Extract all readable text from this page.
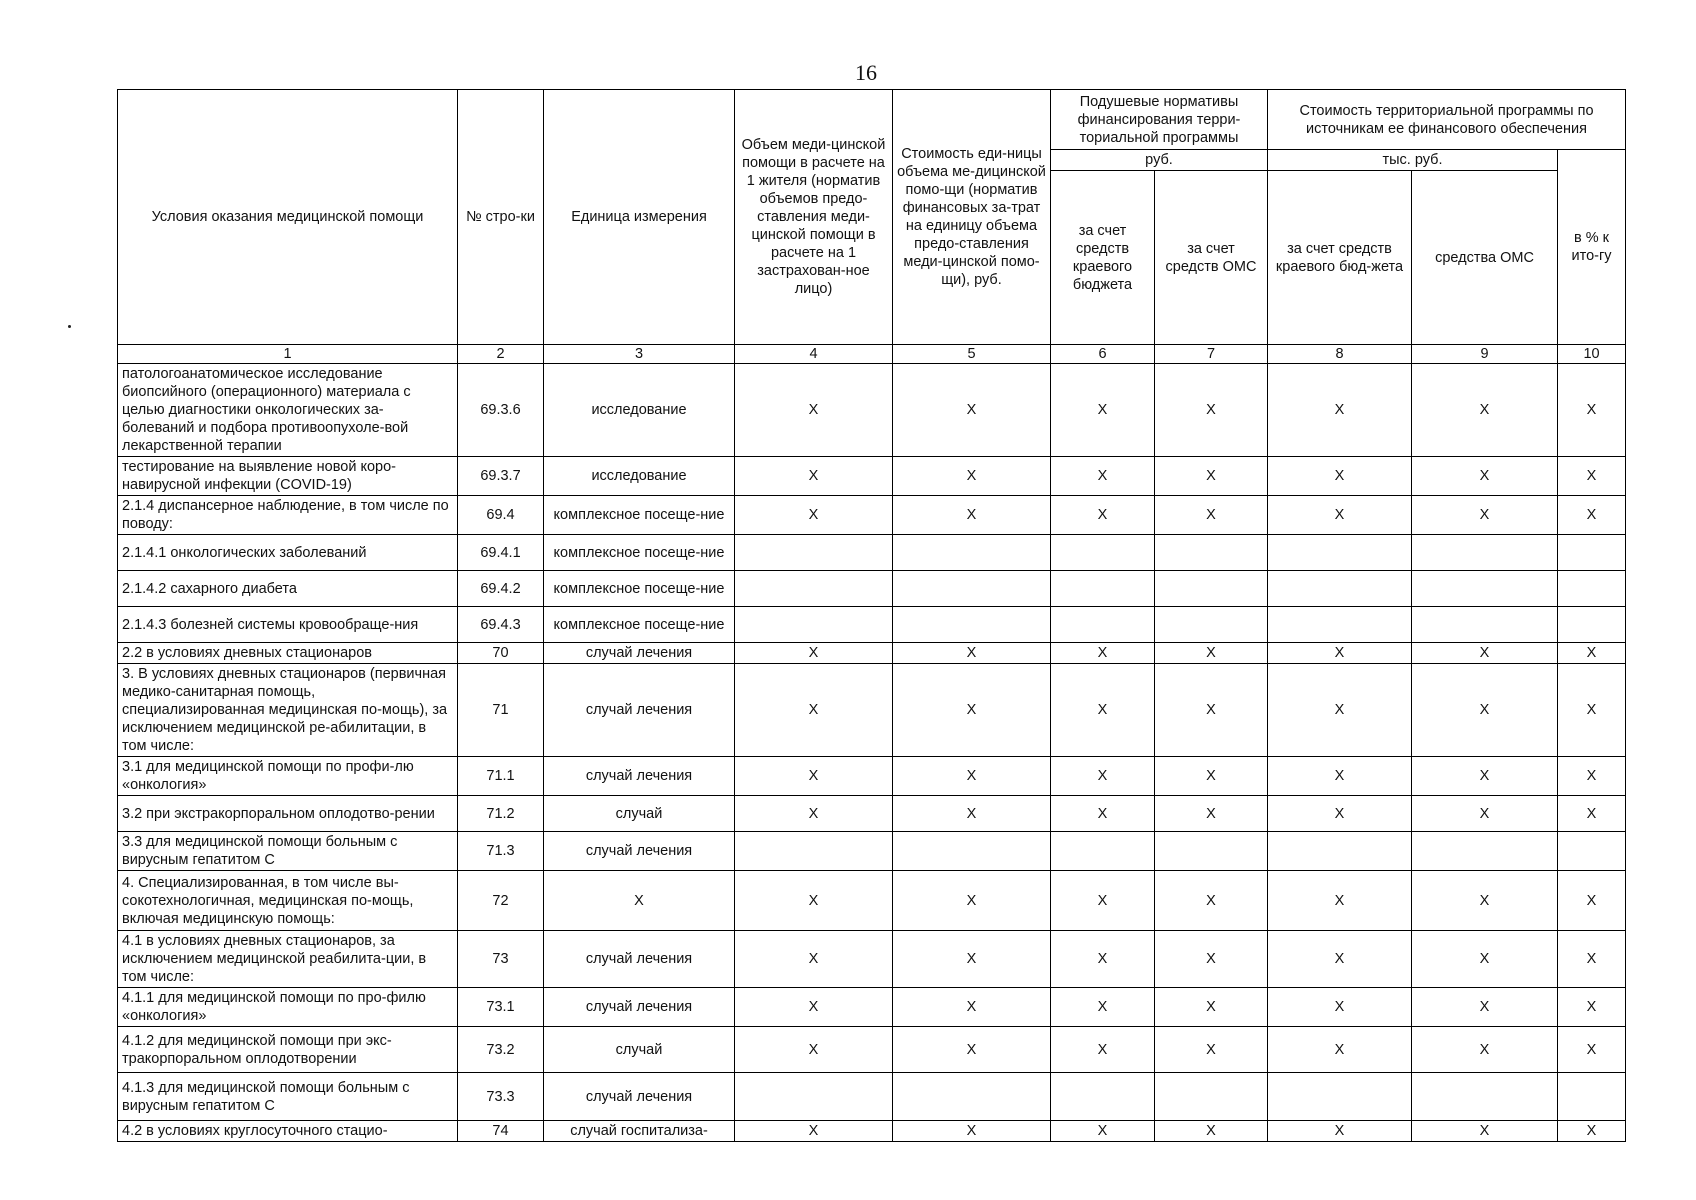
16
Условия оказания медицинской помощи	№ стро-ки	Единица измерения	Объем меди-цинской помощи в расчете на 1 жителя (норматив объемов предо-ставления меди-цинской помощи в расчете на 1 застрахован-ное лицо)	Стоимость еди-ницы объема ме-дицинской помо-щи (норматив финансовых за-трат на единицу объема предо-ставления меди-цинской помо-щи), руб.	Подушевые нормативы финансирования терри-ториальной программы		Стоимость территориальной программы по источникам ее финансового обеспечения		
					руб.		тыс. руб.		в % к ито-гу
					за счет средств краевого бюджета	за счет средств ОМС	за счет средств краевого бюд-жета	средства ОМС	
1	2	3	4	5	6	7	8	9	10
патологоанатомическое исследование биопсийного (операционного) материала с целью диагностики онкологических за-болеваний и подбора противоопухоле-вой лекарственной терапии	69.3.6	исследование	Х	Х	Х	Х	Х	Х	Х
тестирование на выявление новой коро-навирусной инфекции (COVID-19)	69.3.7	исследование	Х	Х	Х	Х	Х	Х	Х
2.1.4 диспансерное наблюдение, в том числе по поводу:	69.4	комплексное посеще-ние	Х	Х	Х	Х	Х	Х	Х
2.1.4.1 онкологических заболеваний	69.4.1	комплексное посеще-ние							
2.1.4.2 сахарного диабета	69.4.2	комплексное посеще-ние							
2.1.4.3 болезней системы кровообраще-ния	69.4.3	комплексное посеще-ние							
2.2 в условиях дневных стационаров	70	случай лечения	Х	Х	Х	Х	Х	Х	Х
3. В условиях дневных стационаров (первичная медико-санитарная помощь, специализированная медицинская по-мощь), за исключением медицинской ре-абилитации, в том числе:	71	случай лечения	Х	Х	Х	Х	Х	Х	Х
3.1 для медицинской помощи по профи-лю «онкология»	71.1	случай лечения	Х	Х	Х	Х	Х	Х	Х
3.2 при экстракорпоральном оплодотво-рении	71.2	случай	Х	Х	Х	Х	Х	Х	Х
3.3 для медицинской помощи больным с вирусным гепатитом С	71.3	случай лечения							
4. Специализированная, в том числе вы-сокотехнологичная, медицинская по-мощь, включая медицинскую помощь:	72	Х	Х	Х	Х	Х	Х	Х	Х
4.1 в условиях дневных стационаров, за исключением медицинской реабилита-ции, в том числе:	73	случай лечения	Х	Х	Х	Х	Х	Х	Х
4.1.1 для медицинской помощи по про-филю «онкология»	73.1	случай лечения	Х	Х	Х	Х	Х	Х	Х
4.1.2 для медицинской помощи при экс-тракорпоральном оплодотворении	73.2	случай	Х	Х	Х	Х	Х	Х	Х
4.1.3 для медицинской помощи больным с вирусным гепатитом С	73.3	случай лечения							
4.2 в условиях круглосуточного стацио-	74	случай госпитализа-	Х	Х	Х	Х	Х	Х	Х
